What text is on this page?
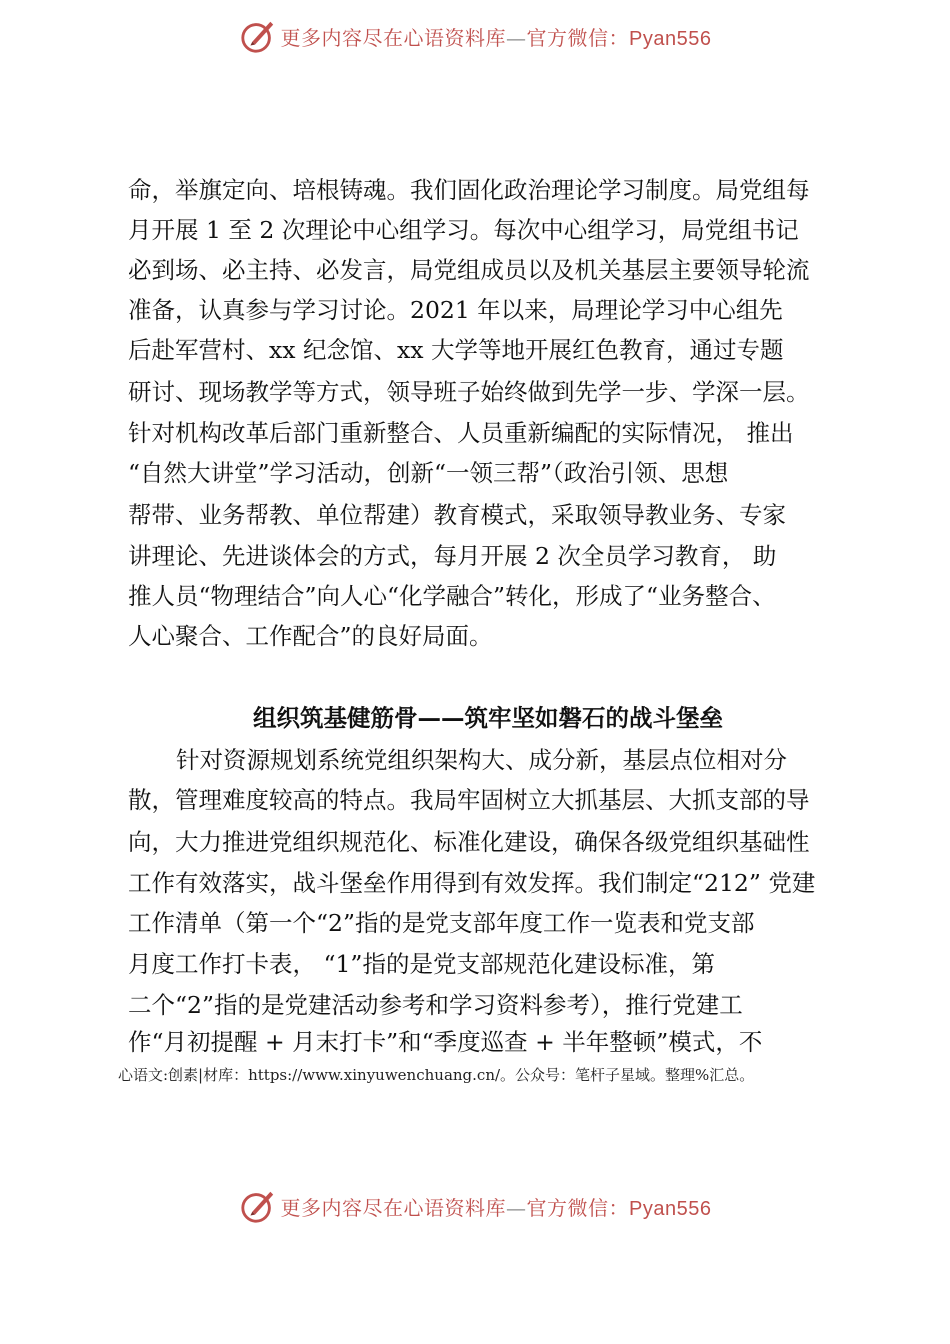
更多内容尽在心语资料库—官方微信：Pyan556
命，举旗定向、培根铸魂。我们固化政治理论学习制度。局党组每
月开展 1 至 2 次理论中心组学习。每次中心组学习，局党组书记
必到场、必主持、必发言，局党组成员以及机关基层主要领导轮流
准备，认真参与学习讨论。2021 年以来，局理论学习中心组先
后赴军营村、xx 纪念馆、xx 大学等地开展红色教育，通过专题
研讨、现场教学等方式，领导班子始终做到先学一步、学深一层。
针对机构改革后部门重新整合、人员重新编配的实际情况， 推出
“自然大讲堂”学习活动，创新“一领三帮”（政治引领、思想
帮带、业务帮教、单位帮建）教育模式，采取领导教业务、专家
讲理论、先进谈体会的方式，每月开展 2 次全员学习教育， 助
推人员“物理结合”向人心“化学融合”转化，形成了“业务整合、
人心聚合、工作配合”的良好局面。
组织筑基健筋骨——筑牢坚如磐石的战斗堡垒
针对资源规划系统党组织架构大、成分新，基层点位相对分
散，管理难度较高的特点。我局牢固树立大抓基层、大抓支部的导
向，大力推进党组织规范化、标准化建设，确保各级党组织基础性
工作有效落实，战斗堡垒作用得到有效发挥。我们制定“212” 党建
工作清单（第一个“2”指的是党支部年度工作一览表和党支部
月度工作打卡表， “1”指的是党支部规范化建设标准，第
二个“2”指的是党建活动参考和学习资料参考），推行党建工
作“月初提醒 + 月末打卡”和“季度巡查 + 半年整顿”模式，不
心语文:创素|材库：https://www.xinyuwenchuang.cn/。公众号：笔杆子星域。整理%汇总。
更多内容尽在心语资料库—官方微信：Pyan556
